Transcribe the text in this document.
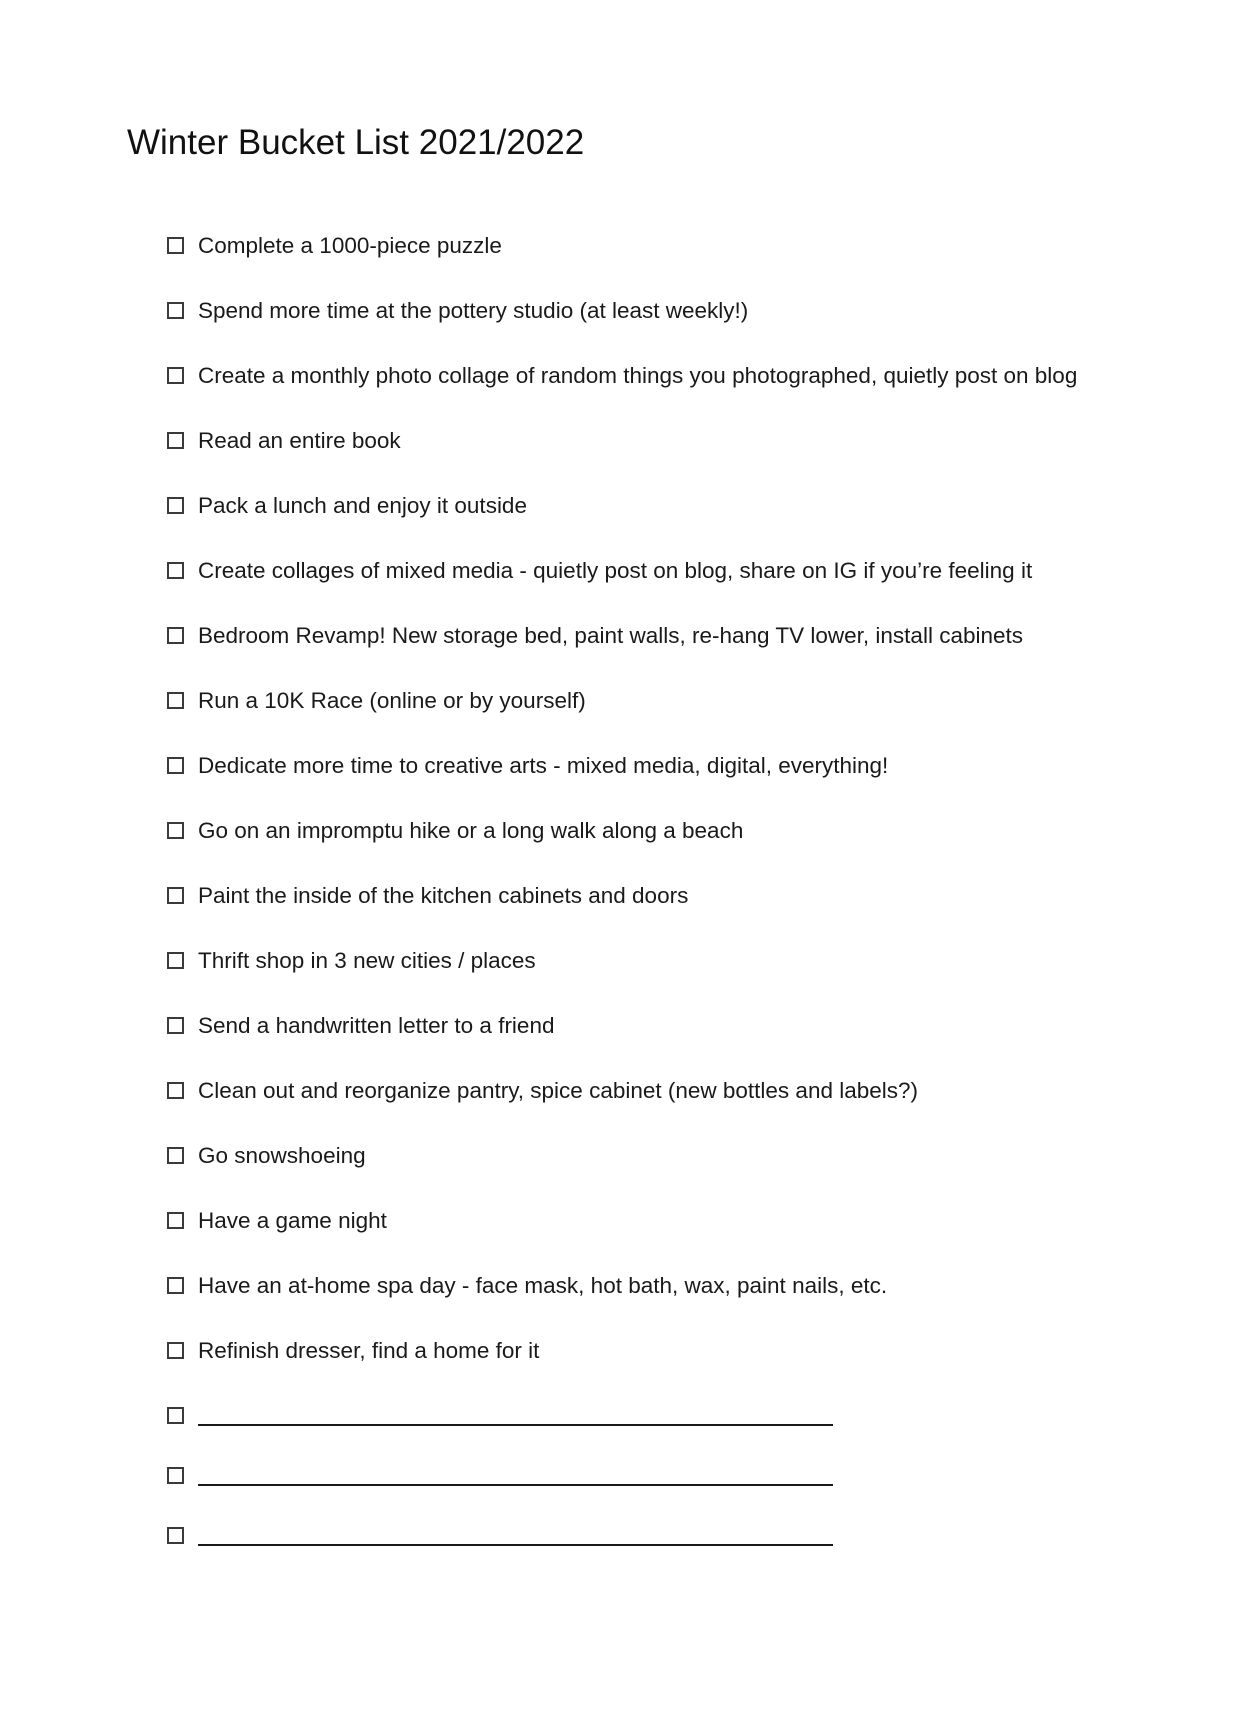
Winter Bucket List 2021/2022
Complete a 1000-piece puzzle
Spend more time at the pottery studio (at least weekly!)
Create a monthly photo collage of random things you photographed, quietly post on blog
Read an entire book
Pack a lunch and enjoy it outside
Create collages of mixed media - quietly post on blog, share on IG if you’re feeling it
Bedroom Revamp! New storage bed, paint walls, re-hang TV lower, install cabinets
Run a 10K Race (online or by yourself)
Dedicate more time to creative arts - mixed media, digital, everything!
Go on an impromptu hike or a long walk along a beach
Paint the inside of the kitchen cabinets and doors
Thrift shop in 3 new cities / places
Send a handwritten letter to a friend
Clean out and reorganize pantry, spice cabinet (new bottles and labels?)
Go snowshoeing
Have a game night
Have an at-home spa day - face mask, hot bath, wax, paint nails, etc.
Refinish dresser, find a home for it
